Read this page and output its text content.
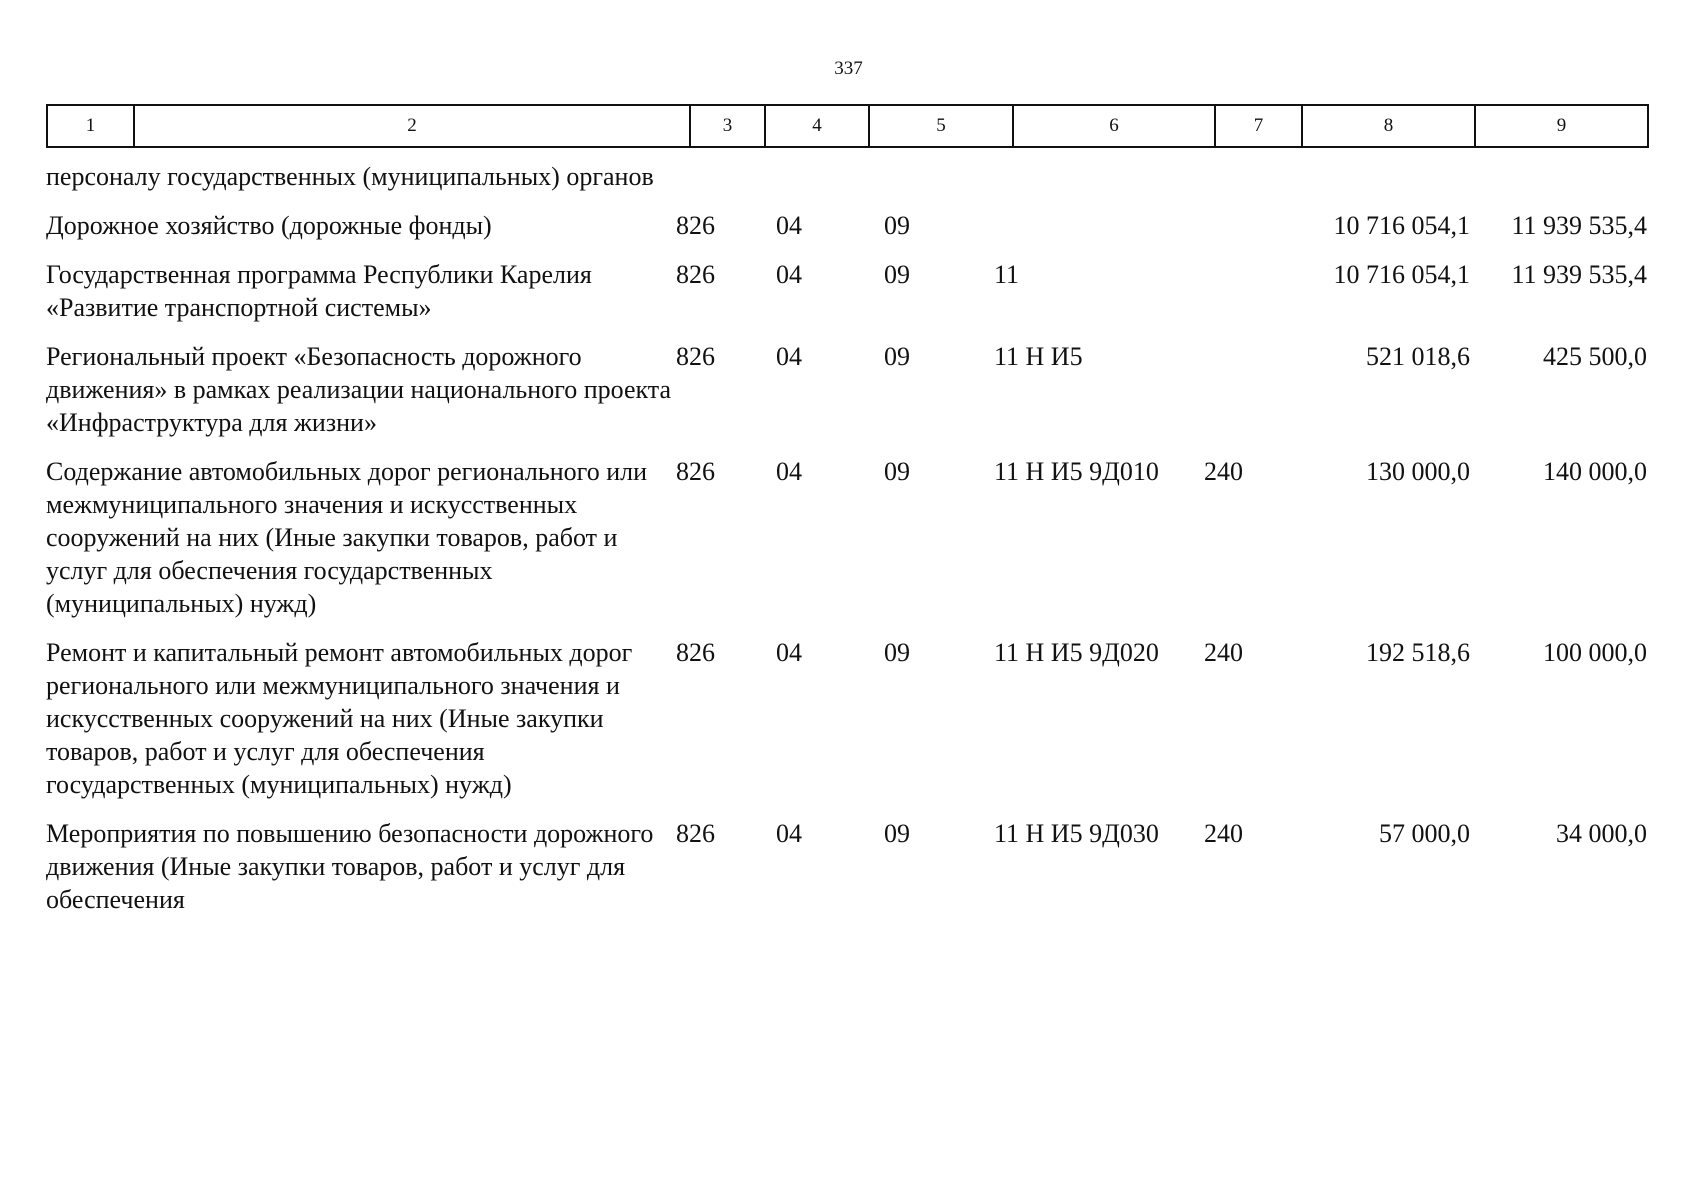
337
1	2	3	4	5	6	7	8	9
персоналу государственных (муниципальных) органов							
Дорожное хозяйство (дорожные фонды)	826	04	09			10 716 054,1	11 939 535,4
Государственная программа Республики Карелия «Развитие транспортной системы»	826	04	09	11		10 716 054,1	11 939 535,4
Региональный проект «Безопасность дорожного движения» в рамках реализации национального проекта «Инфраструктура для жизни»	826	04	09	11 Н И5		521 018,6	425 500,0
Содержание автомобильных дорог регионального или межмуниципального значения и искусственных сооружений на них (Иные закупки товаров, работ и услуг для обеспечения государственных (муниципальных) нужд)	826	04	09	11 Н И5 9Д010	240	130 000,0	140 000,0
Ремонт и капитальный ремонт автомобильных дорог регионального или межмуниципального значения и искусственных сооружений на них (Иные закупки товаров, работ и услуг для обеспечения государственных (муниципальных) нужд)	826	04	09	11 Н И5 9Д020	240	192 518,6	100 000,0
Мероприятия по повышению безопасности дорожного движения (Иные закупки товаров, работ и услуг для обеспечения	826	04	09	11 Н И5 9Д030	240	57 000,0	34 000,0
